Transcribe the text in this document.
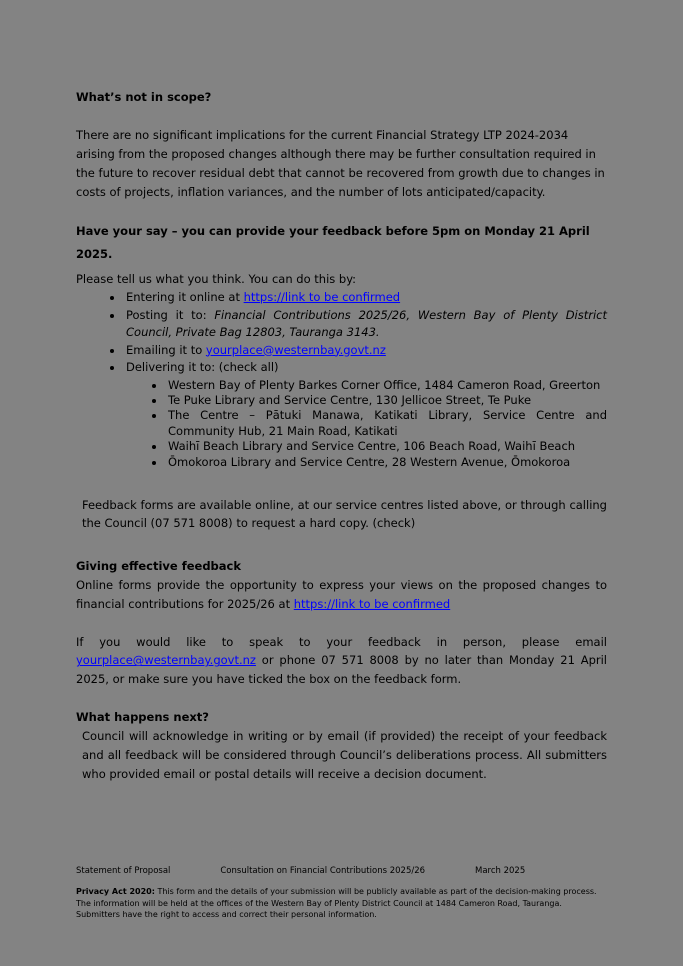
What’s not in scope?

There are no significant implications for the current Financial Strategy LTP 2024-2034 arising from the proposed changes although there may be further consultation required in the future to recover residual debt that cannot be recovered from growth due to changes in costs of projects, inflation variances, and the number of lots anticipated/capacity.

Have your say – you can provide your feedback before 5pm on Monday 21 April 2025.

Please tell us what you think. You can do this by:

• Entering it online at https://link to be confirmed
• Posting it to: Financial Contributions 2025/26, Western Bay of Plenty District Council, Private Bag 12803, Tauranga 3143.
• Emailing it to yourplace@westernbay.govt.nz
• Delivering it to: (check all)
• Western Bay of Plenty Barkes Corner Office, 1484 Cameron Road, Greerton
• Te Puke Library and Service Centre, 130 Jellicoe Street, Te Puke
• The Centre – Pātuki Manawa, Katikati Library, Service Centre and Community Hub, 21 Main Road, Katikati
• Waihī Beach Library and Service Centre, 106 Beach Road, Waihī Beach
• Ōmokoroa Library and Service Centre, 28 Western Avenue, Ōmokoroa

Feedback forms are available online, at our service centres listed above, or through calling the Council (07 571 8008) to request a hard copy. (check)

Giving effective feedback

Online forms provide the opportunity to express your views on the proposed changes to financial contributions for 2025/26 at https://link to be confirmed

If you would like to speak to your feedback in person, please email yourplace@westernbay.govt.nz or phone 07 571 8008 by no later than Monday 21 April 2025, or make sure you have ticked the box on the feedback form.

What happens next?

Council will acknowledge in writing or by email (if provided) the receipt of your feedback and all feedback will be considered through Council’s deliberations process. All submitters who provided email or postal details will receive a decision document.

Statement of Proposal	Consultation on Financial Contributions 2025/26	March 2025

Privacy Act 2020: This form and the details of your submission will be publicly available as part of the decision-making process. The information will be held at the offices of the Western Bay of Plenty District Council at 1484 Cameron Road, Tauranga. Submitters have the right to access and correct their personal information.
